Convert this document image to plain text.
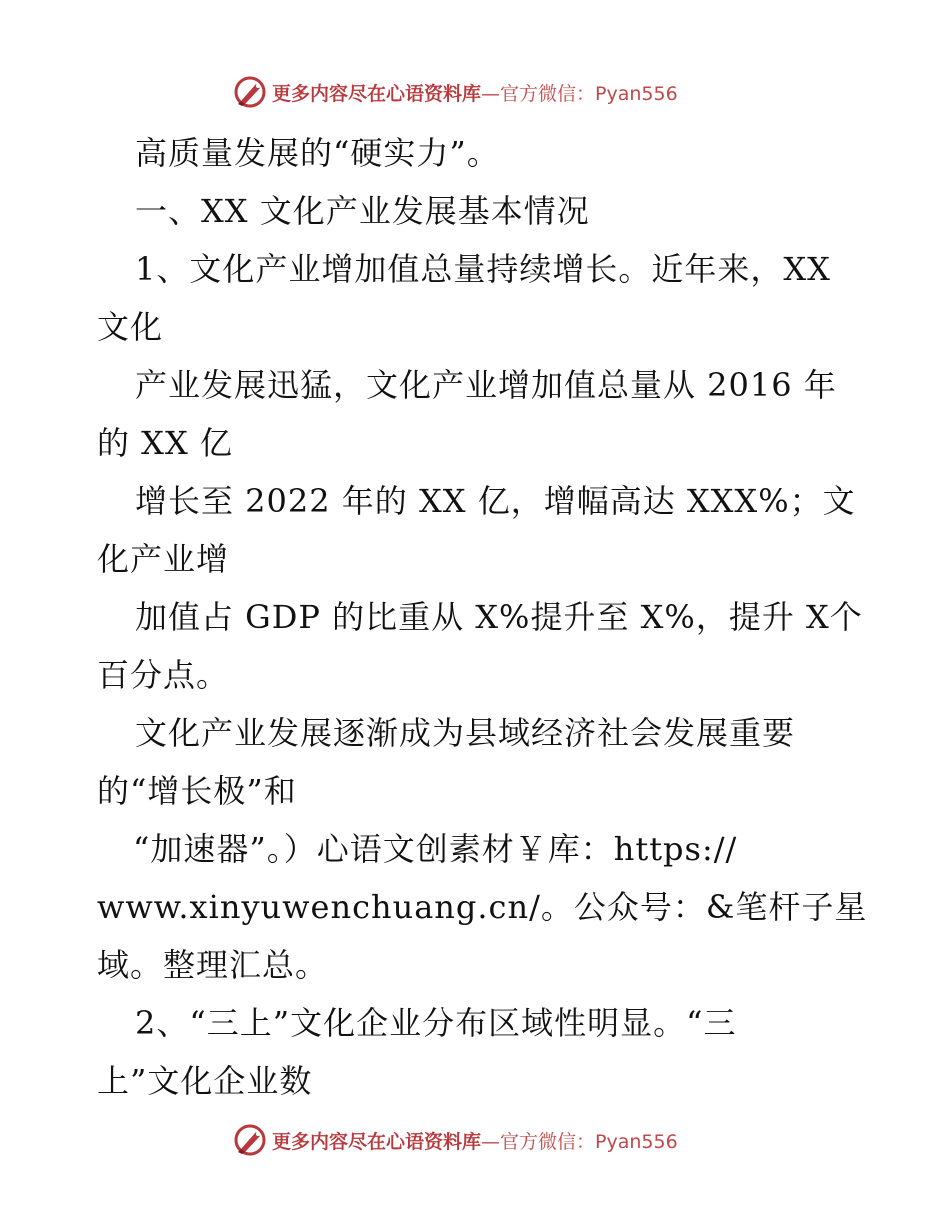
更多内容尽在心语资料库 —官方微信：Pyan556
高质量发展的“硬实力”。
一、XX 文化产业发展基本情况
1、文化产业增加值总量持续增长。近年来，XX
文化
产业发展迅猛，文化产业增加值总量从 2016 年
的 XX 亿
增长至 2022 年的 XX 亿，增幅高达 XXX%；文
化产业增
加值占 GDP 的比重从 X%提升至 X%，提升 X个
百分点。
文化产业发展逐渐成为县域经济社会发展重要
的“增长极”和
“加速器”。）心语文创素材￥库：https://
www.xinyuwenchuang.cn/。公众号：&笔杆子星
域。整理汇总。
2、“三上”文化企业分布区域性明显。“三
上”文化企业数
更多内容尽在心语资料库 —官方微信：Pyan556
